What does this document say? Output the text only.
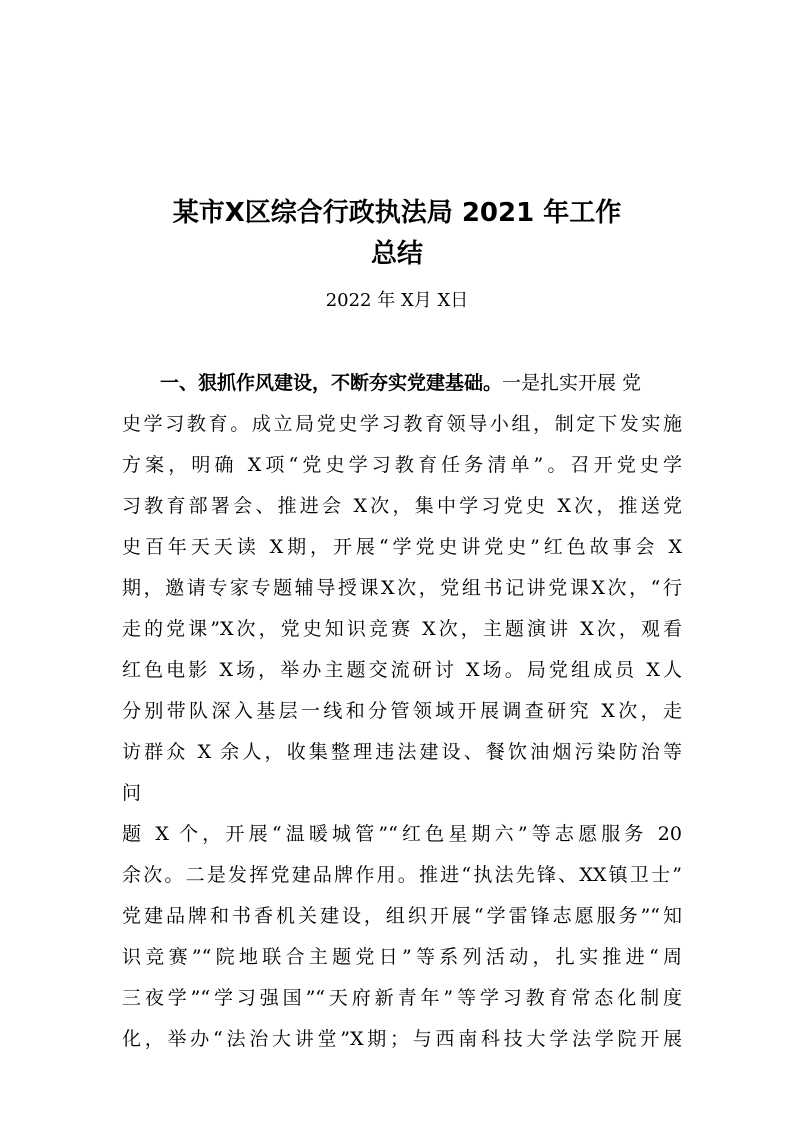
某市X区综合行政执法局 2021 年工作
总结
2022 年 X月 X日
一、狠抓作风建设，不断夯实党建基础。一是扎实开展 党
史学习教育。成立局党史学习教育领导小组，制定下发实施
方案，明确 X项“党史学习教育任务清单”。召开党史学
习教育部署会、推进会 X次，集中学习党史 X次，推送党
史百年天天读 X期，开展“学党史讲党史”红色故事会 X
期，邀请专家专题辅导授课X次，党组书记讲党课X次，“行
走的党课”X次，党史知识竞赛 X次，主题演讲 X次，观看
红色电影 X场，举办主题交流研讨 X场。局党组成员 X人
分别带队深入基层一线和分管领域开展调查研究 X次，走
访群众 X 余人，收集整理违法建设、餐饮油烟污染防治等
问
题 X 个，开展“温暖城管”“红色星期六”等志愿服务 20
余次。二是发挥党建品牌作用。推进“执法先锋、XX镇卫士”
党建品牌和书香机关建设，组织开展“学雷锋志愿服务”“知
识竞赛”“院地联合主题党日”等系列活动，扎实推进“周
三夜学”“学习强国”“天府新青年”等学习教育常态化制度
化，举办“法治大讲堂”X期；与西南科技大学法学院开展
